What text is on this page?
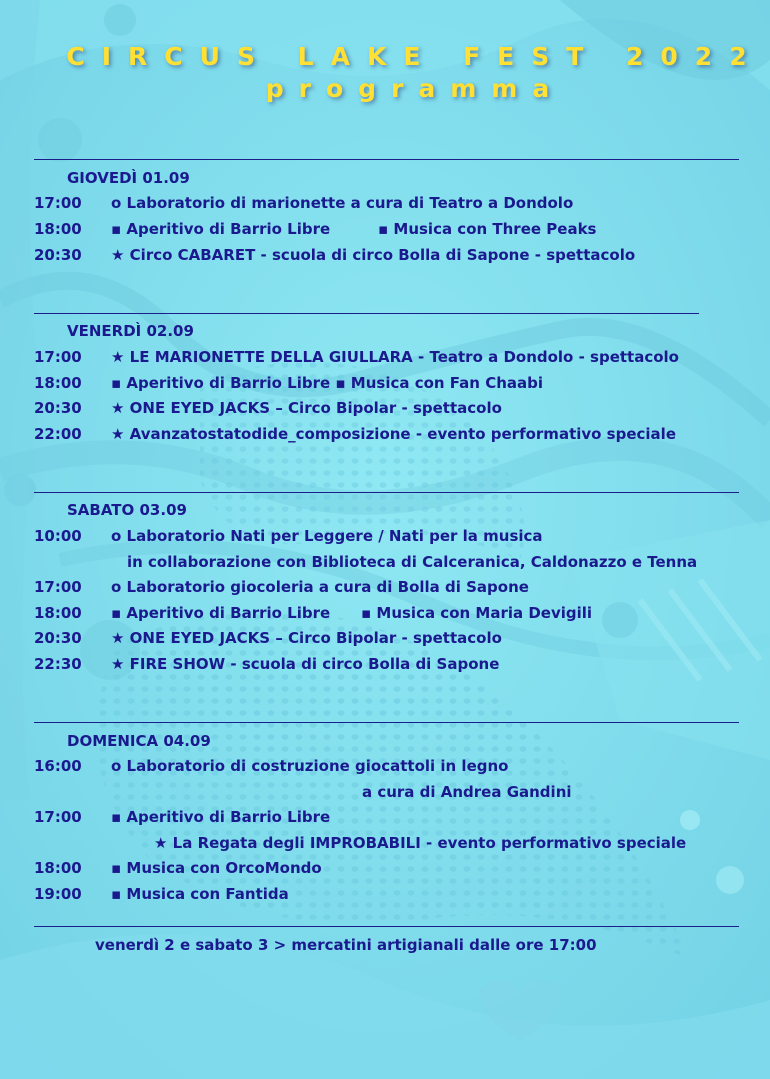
CIRCUS LAKE FEST 2022
programma
GIOVEDÌ 01.09
17:00 o Laboratorio di marionette a cura di Teatro a Dondolo
18:00 ▪ Aperitivo di Barrio Libre	▪ Musica con Three Peaks
20:30 ★ Circo CABARET - scuola di circo Bolla di Sapone - spettacolo
VENERDÌ 02.09
17:00 ★ LE MARIONETTE DELLA GIULLARA - Teatro a Dondolo - spettacolo
18:00 ▪ Aperitivo di Barrio Libre ▪ Musica con Fan Chaabi
20:30 ★ ONE EYED JACKS – Circo Bipolar - spettacolo
22:00 ★ Avanzatostatodide_composizione - evento performativo speciale
SABATO 03.09
10:00 o Laboratorio Nati per Leggere / Nati per la musica
in collaborazione con Biblioteca di Calceranica, Caldonazzo e Tenna
17:00 o Laboratorio giocoleria a cura di Bolla di Sapone
18:00 ▪ Aperitivo di Barrio Libre ▪ Musica con Maria Devigili
20:30 ★ ONE EYED JACKS – Circo Bipolar - spettacolo
22:30 ★ FIRE SHOW - scuola di circo Bolla di Sapone
DOMENICA 04.09
16:00 o Laboratorio di costruzione giocattoli in legno
a cura di Andrea Gandini
17:00 ▪ Aperitivo di Barrio Libre
★ La Regata degli IMPROBABILI - evento performativo speciale
18:00 ▪ Musica con OrcoMondo
19:00 ▪ Musica con Fantida
venerdì 2 e sabato 3 > mercatini artigianali dalle ore 17:00
